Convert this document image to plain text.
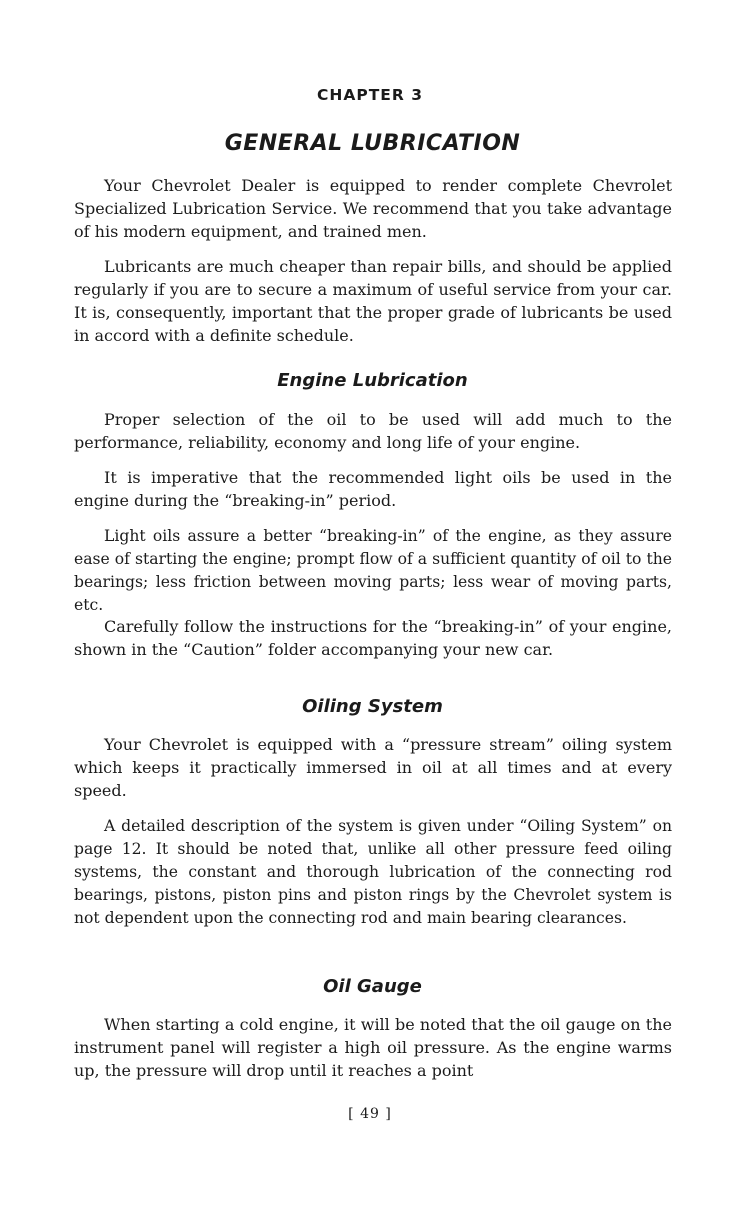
CHAPTER 3
GENERAL LUBRICATION

Your Chevrolet Dealer is equipped to render complete Chevrolet Specialized Lubrication Service. We recommend that you take advantage of his modern equipment, and trained men.

Lubricants are much cheaper than repair bills, and should be applied regularly if you are to secure a maximum of useful service from your car. It is, consequently, important that the proper grade of lubricants be used in accord with a definite schedule.

Engine Lubrication

Proper selection of the oil to be used will add much to the performance, reliability, economy and long life of your engine.

It is imperative that the recommended light oils be used in the engine during the “breaking-in” period.

Light oils assure a better “breaking-in” of the engine, as they assure ease of starting the engine; prompt flow of a sufficient quantity of oil to the bearings; less friction between moving parts; less wear of moving parts, etc.

Carefully follow the instructions for the “breaking-in” of your engine, shown in the “Caution” folder accompanying your new car.

Oiling System

Your Chevrolet is equipped with a “pressure stream” oiling system which keeps it practically immersed in oil at all times and at every speed.

A detailed description of the system is given under “Oiling System” on page 12. It should be noted that, unlike all other pressure feed oiling systems, the constant and thorough lubrication of the connecting rod bearings, pistons, piston pins and piston rings by the Chevrolet system is not dependent upon the connecting rod and main bearing clearances.

Oil Gauge

When starting a cold engine, it will be noted that the oil gauge on the instrument panel will register a high oil pressure. As the engine warms up, the pressure will drop until it reaches a point

[ 49 ]
